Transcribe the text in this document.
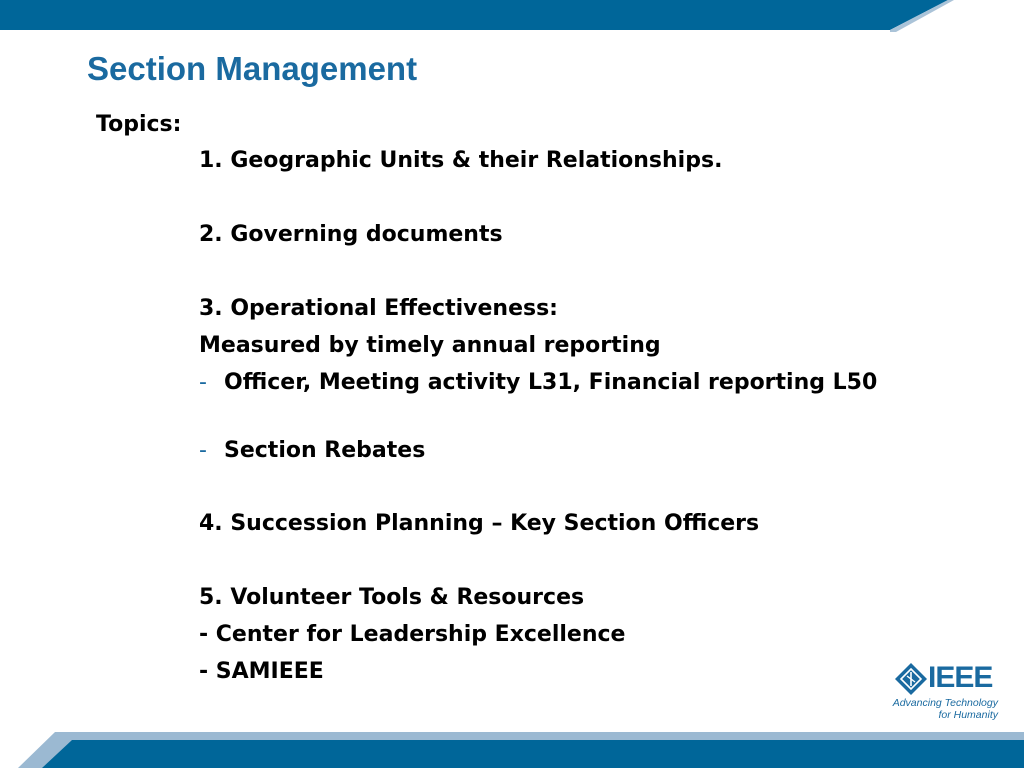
Section Management
Topics:
1. Geographic Units & their Relationships.
2. Governing documents
3. Operational Effectiveness:
Measured by timely annual reporting
- Officer, Meeting activity L31, Financial reporting L50
- Section Rebates
4. Succession Planning – Key Section Officers
5. Volunteer Tools & Resources
- Center for Leadership Excellence
- SAMIEEE	IEEE
Advancing Technology
for Humanity
